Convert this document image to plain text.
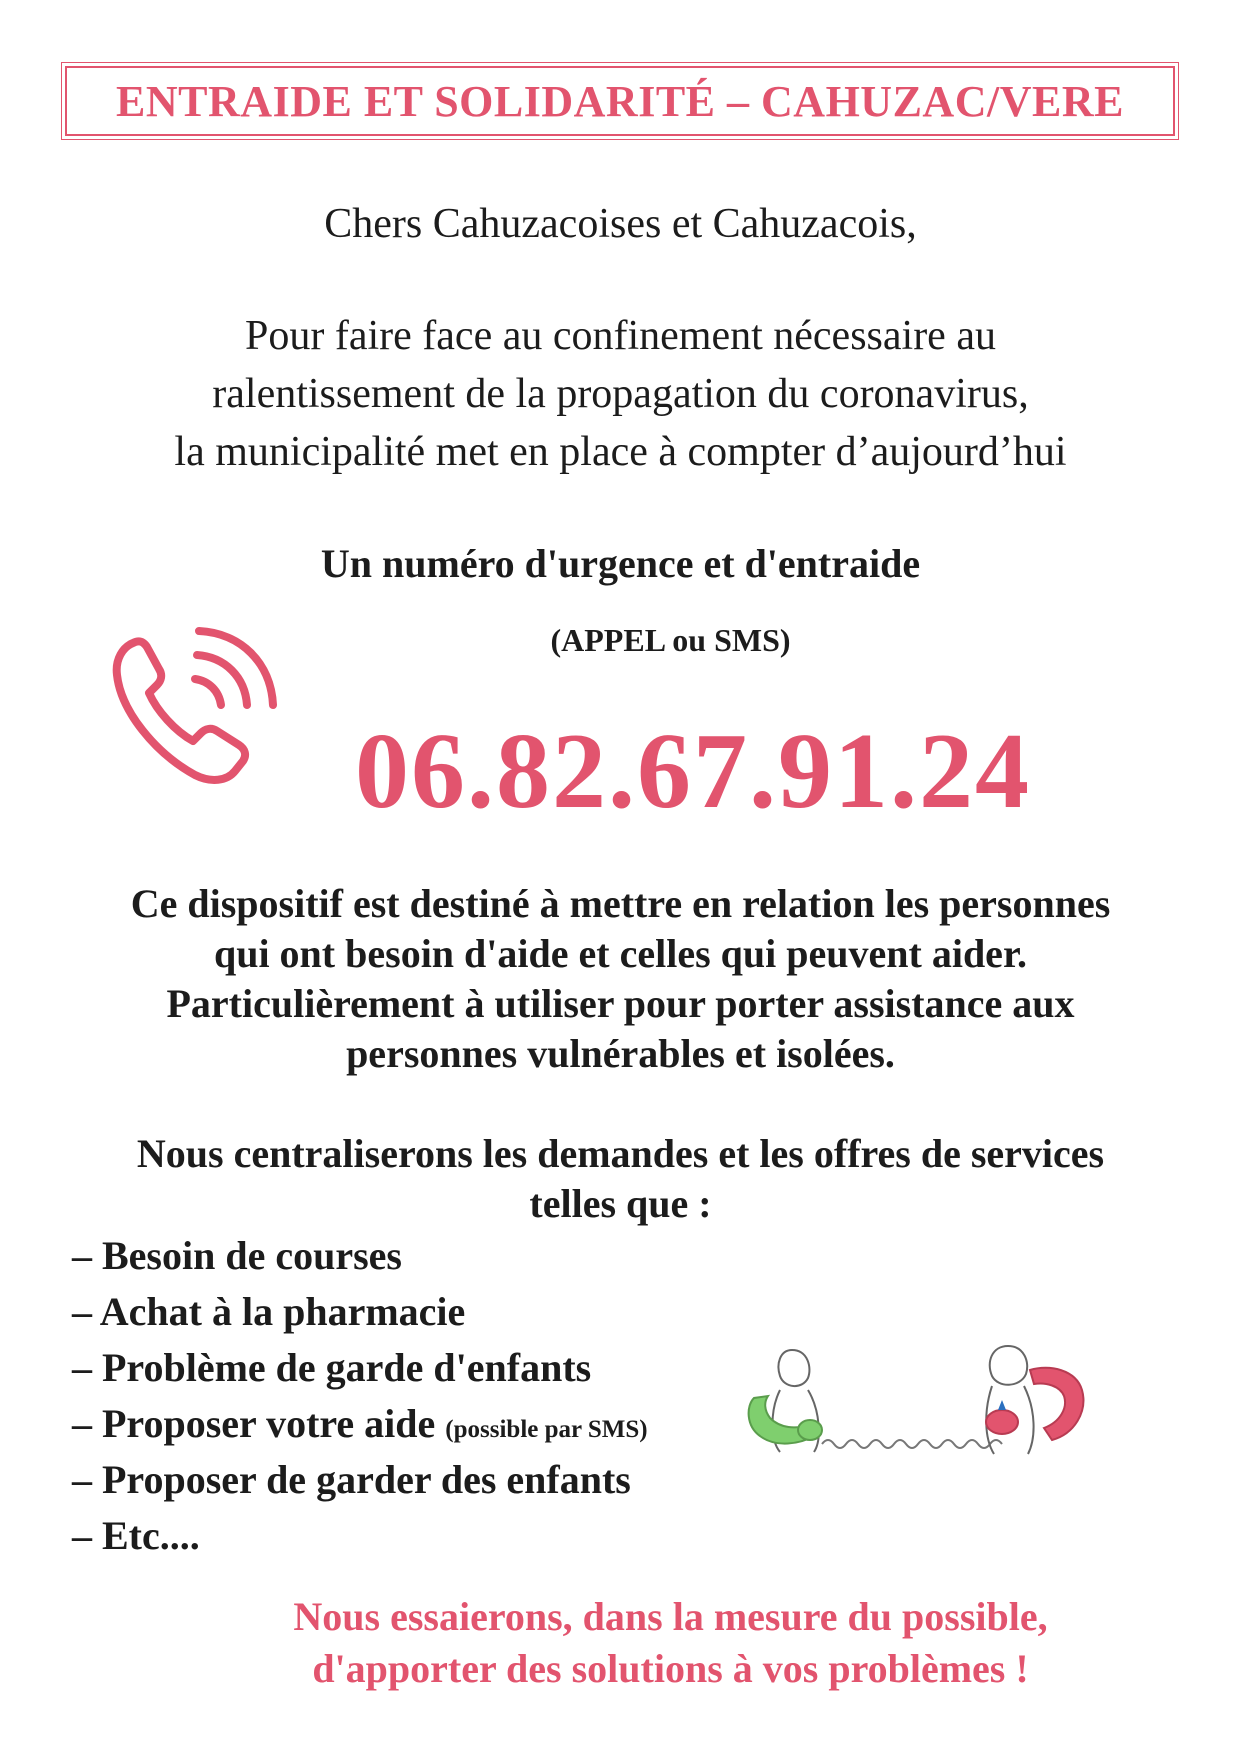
ENTRAIDE ET SOLIDARITÉ – CAHUZAC/VERE
Chers Cahuzacoises et Cahuzacois,
Pour faire face au confinement nécessaire au
ralentissement de la propagation du coronavirus,
la municipalité met en place à compter d’aujourd’hui
Un numéro d'urgence et d'entraide
(APPEL ou SMS)
06.82.67.91.24
Ce dispositif est destiné à mettre en relation les personnes
qui ont besoin d'aide et celles qui peuvent aider.
Particulièrement à utiliser pour porter assistance aux
personnes vulnérables et isolées.
Nous centraliserons les demandes et les offres de services
telles que :
– Besoin de courses
– Achat à la pharmacie
– Problème de garde d'enfants
– Proposer votre aide (possible par SMS)
– Proposer de garder des enfants
– Etc....
Nous essaierons, dans la mesure du possible,
d'apporter des solutions à vos problèmes !
